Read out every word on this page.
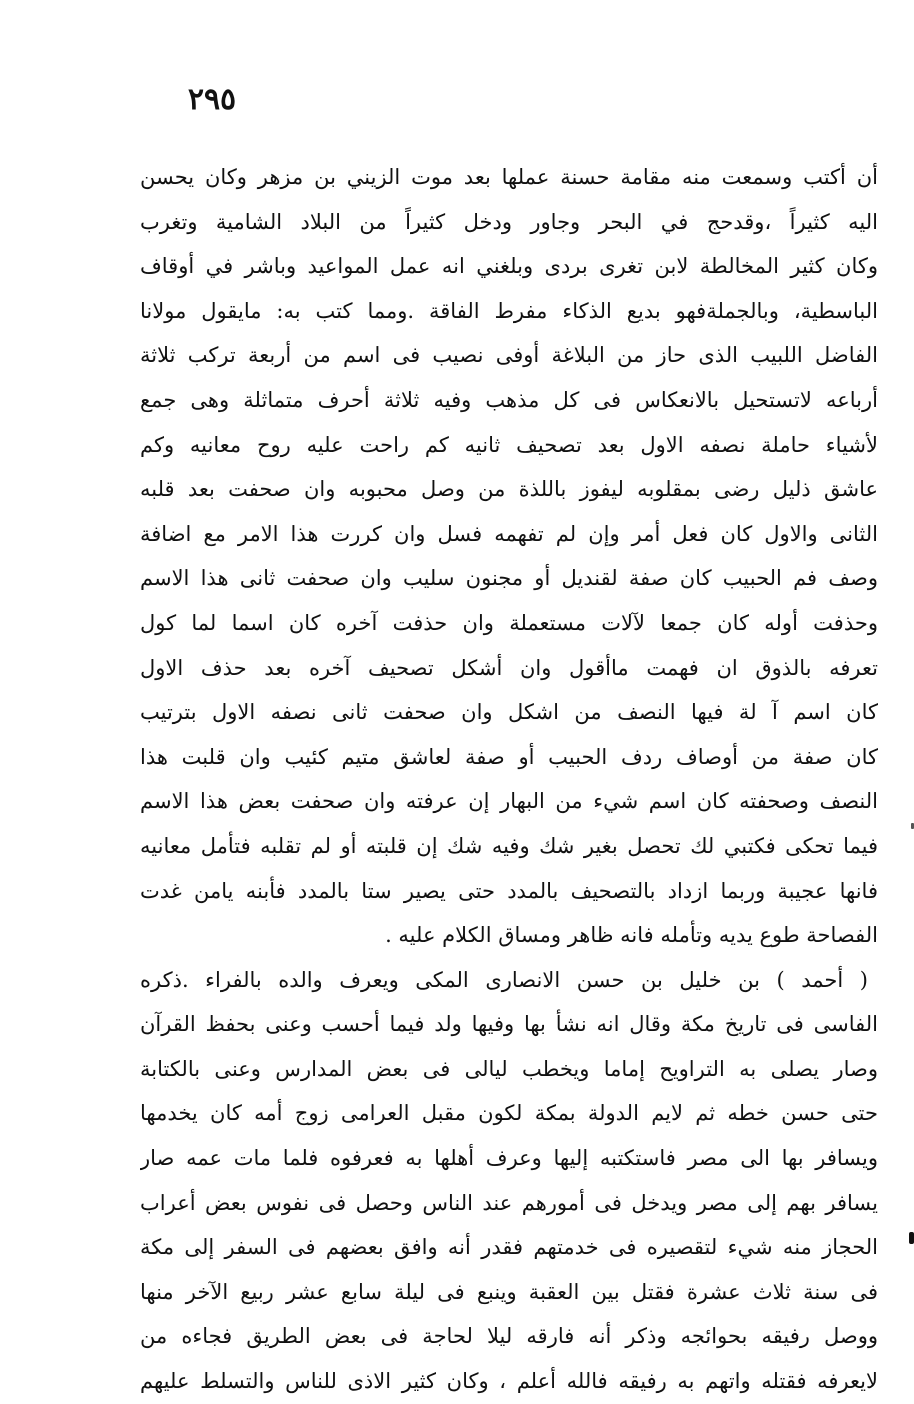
٢٩٥
أن أكتب وسمعت منه مقامة حسنة عملها بعد موت الزيني بن مزهر وكان يحسن
اليه كثيراً ،وقدحج في البحر وجاور ودخل كثيراً من البلاد الشامية وتغرب
وكان كثير المخالطة لابن تغرى بردى وبلغني انه عمل المواعيد وباشر في أوقاف
الباسطية، وبالجملةفهو بديع الذكاء مفرط الفاقة .ومما كتب به: مايقول مولانا
الفاضل اللبيب الذى حاز من البلاغة أوفى نصيب فى اسم من أربعة تركب ثلاثة
أرباعه لاتستحيل بالانعكاس فى كل مذهب وفيه ثلاثة أحرف متماثلة وهى جمع
لأشياء حاملة نصفه الاول بعد تصحيف ثانيه كم راحت عليه روح معانيه وكم
عاشق ذليل رضى بمقلوبه ليفوز باللذة من وصل محبوبه وان صحفت بعد قلبه
الثانى والاول كان فعل أمر وإن لم تفهمه فسل وان كررت هذا الامر مع اضافة
وصف فم الحبيب كان صفة لقنديل أو مجنون سليب وان صحفت ثانى هذا الاسم
وحذفت أوله كان جمعا لآلات مستعملة وان حذفت آخره كان اسما لما كول
تعرفه بالذوق ان فهمت ماأقول وان أشكل تصحيف آخره بعد حذف الاول
كان اسم آ لة فيها النصف من اشكل وان صحفت ثانى نصفه الاول بترتيب
كان صفة من أوصاف ردف الحبيب أو صفة لعاشق متيم كئيب وان قلبت هذا
النصف وصحفته كان اسم شيء من البهار إن عرفته وان صحفت بعض هذا الاسم
فيما تحكى فكتبي لك تحصل بغير شك وفيه شك إن قلبته أو لم تقلبه فتأمل معانيه
فانها عجيبة وربما ازداد بالتصحيف بالمدد حتى يصير ستا بالمدد فأبنه يامن غدت
الفصاحة طوع يديه وتأمله فانه ظاهر ومساق الكلام عليه .
( أحمد ) بن خليل بن حسن الانصارى المكى ويعرف والده بالفراء .ذكره
الفاسى فى تاريخ مكة وقال انه نشأ بها وفيها ولد فيما أحسب وعنى بحفظ القرآن
وصار يصلى به التراويح إماما ويخطب ليالى فى بعض المدارس وعنى بالكتابة
حتى حسن خطه ثم لايم الدولة بمكة لكون مقبل العرامى زوج أمه كان يخدمها
ويسافر بها الى مصر فاستكتبه إليها وعرف أهلها به فعرفوه فلما مات عمه صار
يسافر بهم إلى مصر ويدخل فى أمورهم عند الناس وحصل فى نفوس بعض أعراب
الحجاز منه شيء لتقصيره فى خدمتهم فقدر أنه وافق بعضهم فى السفر إلى مكة
فى سنة ثلاث عشرة فقتل بين العقبة وينبع فى ليلة سابع عشر ربيع الآخر منها
ووصل رفيقه بحوائجه وذكر أنه فارقه ليلا لحاجة فى بعض الطريق فجاءه من
لايعرفه فقتله واتهم به رفيقه فالله أعلم ، وكان كثير الاذى للناس والتسلط عليهم
